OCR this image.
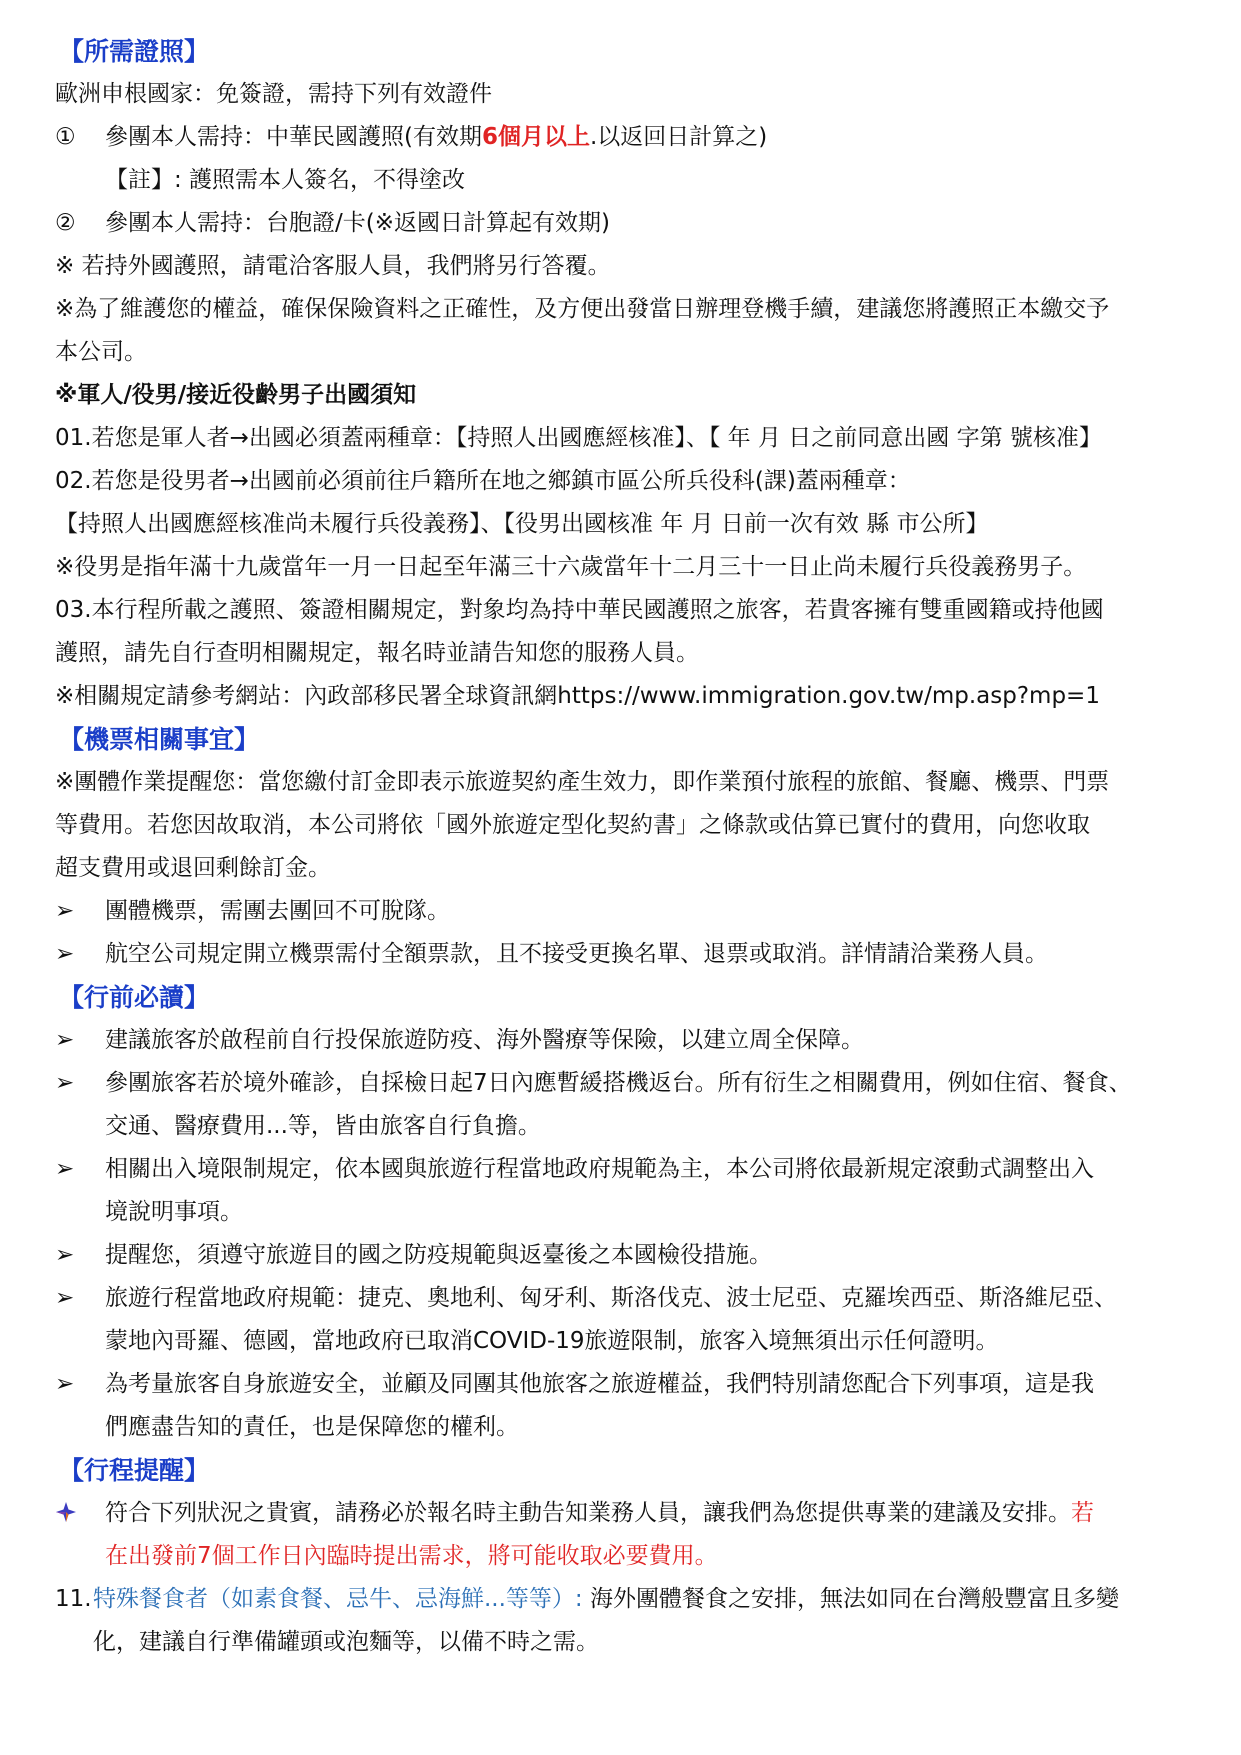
【所需證照】
歐洲申根國家：免簽證，需持下列有效證件
①	參團本人需持：中華民國護照(有效期6個月以上.以返回日計算之)
【註】: 護照需本人簽名，不得塗改
②	參團本人需持：台胞證/卡(※返國日計算起有效期)
※ 若持外國護照，請電洽客服人員，我們將另行答覆。
※為了維護您的權益，確保保險資料之正確性，及方便出發當日辦理登機手續，建議您將護照正本繳交予
本公司。
※軍人/役男/接近役齡男子出國須知
01.若您是軍人者→出國必須蓋兩種章：【持照人出國應經核准】、【 年 月 日之前同意出國 字第 號核准】
02.若您是役男者→出國前必須前往戶籍所在地之鄉鎮市區公所兵役科(課)蓋兩種章：
【持照人出國應經核准尚未履行兵役義務】、【役男出國核准 年 月 日前一次有效 縣 市公所】
※役男是指年滿十九歲當年一月一日起至年滿三十六歲當年十二月三十一日止尚未履行兵役義務男子。
03.本行程所載之護照、簽證相關規定，對象均為持中華民國護照之旅客，若貴客擁有雙重國籍或持他國
護照，請先自行查明相關規定，報名時並請告知您的服務人員。
※相關規定請參考網站：內政部移民署全球資訊網https://www.immigration.gov.tw/mp.asp?mp=1
【機票相關事宜】
※團體作業提醒您：當您繳付訂金即表示旅遊契約產生效力，即作業預付旅程的旅館、餐廳、機票、門票
等費用。若您因故取消，本公司將依「國外旅遊定型化契約書」之條款或估算已實付的費用，向您收取
超支費用或退回剩餘訂金。
➢	團體機票，需團去團回不可脫隊。
➢	航空公司規定開立機票需付全額票款，且不接受更換名單、退票或取消。詳情請洽業務人員。
【行前必讀】
➢	建議旅客於啟程前自行投保旅遊防疫、海外醫療等保險，以建立周全保障。
➢	參團旅客若於境外確診，自採檢日起7日內應暫緩搭機返台。所有衍生之相關費用，例如住宿、餐食、
交通、醫療費用...等，皆由旅客自行負擔。
➢	相關出入境限制規定，依本國與旅遊行程當地政府規範為主，本公司將依最新規定滾動式調整出入
境說明事項。
➢	提醒您，須遵守旅遊目的國之防疫規範與返臺後之本國檢役措施。
➢	旅遊行程當地政府規範：捷克、奧地利、匈牙利、斯洛伐克、波士尼亞、克羅埃西亞、斯洛維尼亞、
蒙地內哥羅、德國，當地政府已取消COVID-19旅遊限制，旅客入境無須出示任何證明。
➢	為考量旅客自身旅遊安全，並顧及同團其他旅客之旅遊權益，我們特別請您配合下列事項，這是我
們應盡告知的責任，也是保障您的權利。
【行程提醒】
符合下列狀況之貴賓，請務必於報名時主動告知業務人員，讓我們為您提供專業的建議及安排。若
在出發前7個工作日內臨時提出需求，將可能收取必要費用。
11. 特殊餐食者（如素食餐、忌牛、忌海鮮...等等）: 海外團體餐食之安排，無法如同在台灣般豐富且多變
化，建議自行準備罐頭或泡麵等，以備不時之需。
